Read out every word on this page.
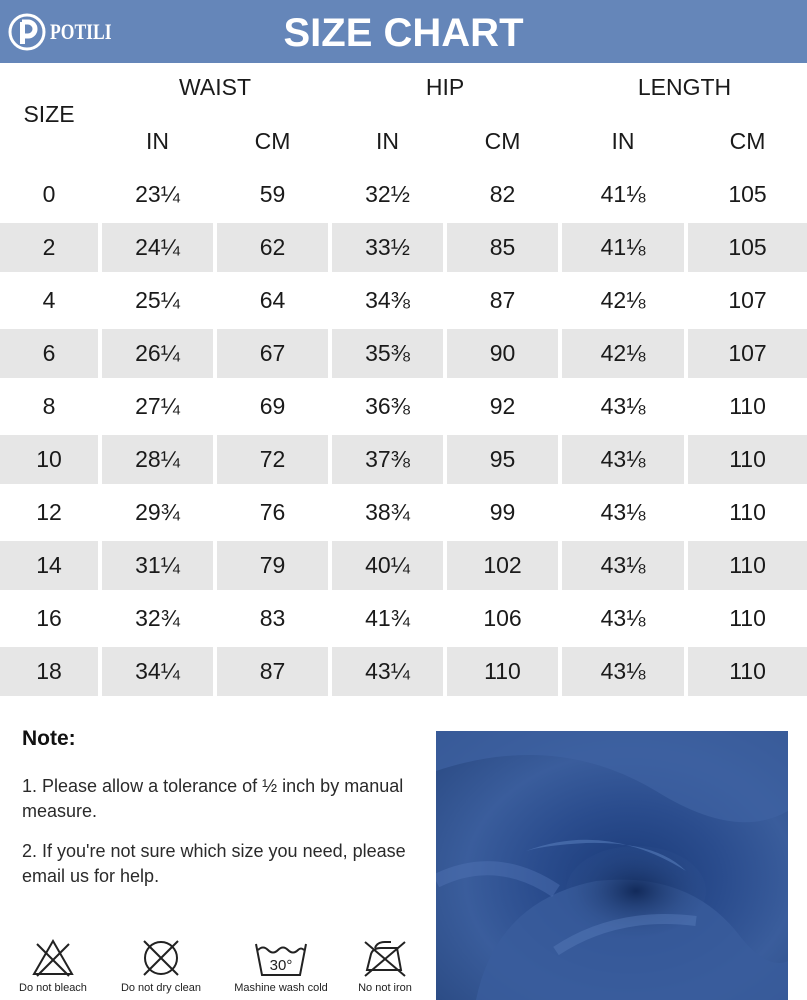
POTILI	SIZE CHART
SIZE	WAIST		HIP		LENGTH	
	IN	CM	IN	CM	IN	CM
0	23¼	59	32½	82	41⅛	105
2	24¼	62	33½	85	41⅛	105
4	25¼	64	34⅜	87	42⅛	107
6	26¼	67	35⅜	90	42⅛	107
8	27¼	69	36⅜	92	43⅛	110
10	28¼	72	37⅜	95	43⅛	110
12	29¾	76	38¾	99	43⅛	110
14	31¼	79	40¼	102	43⅛	110
16	32¾	83	41¾	106	43⅛	110
18	34¼	87	43¼	110	43⅛	110
Note:
1. Please allow a tolerance of ½ inch by manual measure.
2. If you're not sure which size you need, please email us for help.
Do not bleach	Do not dry clean
30°
Mashine wash cold	No not iron
